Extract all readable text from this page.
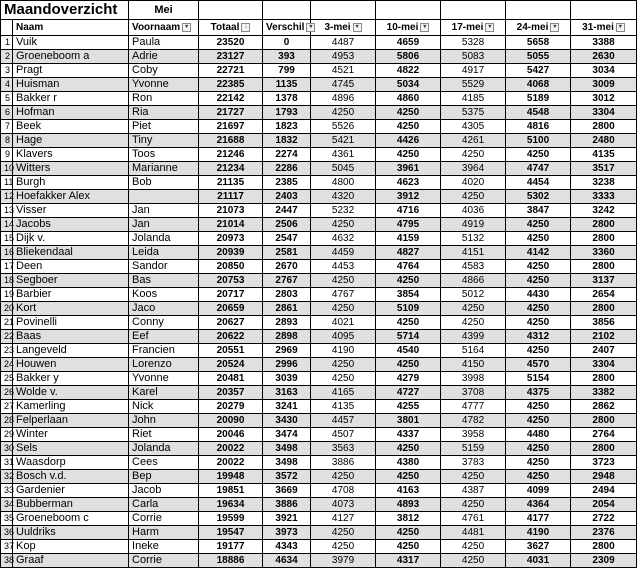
Maandoverzicht		Mei							
	Naam	Voornaam ▾	Totaal ↓	Verschil ▾	3-mei ▾	10-mei ▾	17-mei ▾	24-mei ▾	31-mei ▾
1	Vuik	Paula	23520	0	4487	4659	5328	5658	3388
2	Groeneboom a	Adrie	23127	393	4953	5806	5083	5055	2630
3	Pragt	Coby	22721	799	4521	4822	4917	5427	3034
4	Huisman	Yvonne	22385	1135	4745	5034	5529	4068	3009
5	Bakker r	Ron	22142	1378	4896	4860	4185	5189	3012
6	Hofman	Ria	21727	1793	4250	4250	5375	4548	3304
7	Beek	Piet	21697	1823	5526	4250	4305	4816	2800
8	Hage	Tiny	21688	1832	5421	4426	4261	5100	2480
9	Klavers	Toos	21246	2274	4361	4250	4250	4250	4135
10	Witters	Marianne	21234	2286	5045	3961	3964	4747	3517
11	Burgh	Bob	21135	2385	4800	4623	4020	4454	3238
12	Hoefakker Alex		21117	2403	4320	3912	4250	5302	3333
13	Visser	Jan	21073	2447	5232	4716	4036	3847	3242
14	Jacobs	Jan	21014	2506	4250	4795	4919	4250	2800
15	Dijk v.	Jolanda	20973	2547	4632	4159	5132	4250	2800
16	Bliekendaal	Leida	20939	2581	4459	4827	4151	4142	3360
17	Deen	Sandor	20850	2670	4453	4764	4583	4250	2800
18	Segboer	Bas	20753	2767	4250	4250	4866	4250	3137
19	Barbier	Koos	20717	2803	4767	3854	5012	4430	2654
20	Kort	Jaco	20659	2861	4250	5109	4250	4250	2800
21	Povinelli	Conny	20627	2893	4021	4250	4250	4250	3856
22	Baas	Eef	20622	2898	4095	5714	4399	4312	2102
23	Langeveld	Francien	20551	2969	4190	4540	5164	4250	2407
24	Houwen	Lorenzo	20524	2996	4250	4250	4150	4570	3304
25	Bakker y	Yvonne	20481	3039	4250	4279	3998	5154	2800
26	Wolde v.	Karel	20357	3163	4165	4727	3708	4375	3382
27	Kamerling	Nick	20279	3241	4135	4255	4777	4250	2862
28	Felperlaan	John	20090	3430	4457	3801	4782	4250	2800
29	Winter	Riet	20046	3474	4507	4337	3958	4480	2764
30	Sels	Jolanda	20022	3498	3563	4250	5159	4250	2800
31	Waasdorp	Cees	20022	3498	3886	4380	3783	4250	3723
32	Bosch v.d.	Bep	19948	3572	4250	4250	4250	4250	2948
33	Gardenier	Jacob	19851	3669	4708	4163	4387	4099	2494
34	Bubberman	Carla	19634	3886	4073	4893	4250	4364	2054
35	Groeneboom c	Corrie	19599	3921	4127	3812	4761	4177	2722
36	Uuldriks	Harm	19547	3973	4250	4250	4481	4190	2376
37	Kop	Ineke	19177	4343	4250	4250	4250	3627	2800
38	Graaf	Corrie	18886	4634	3979	4317	4250	4031	2309
